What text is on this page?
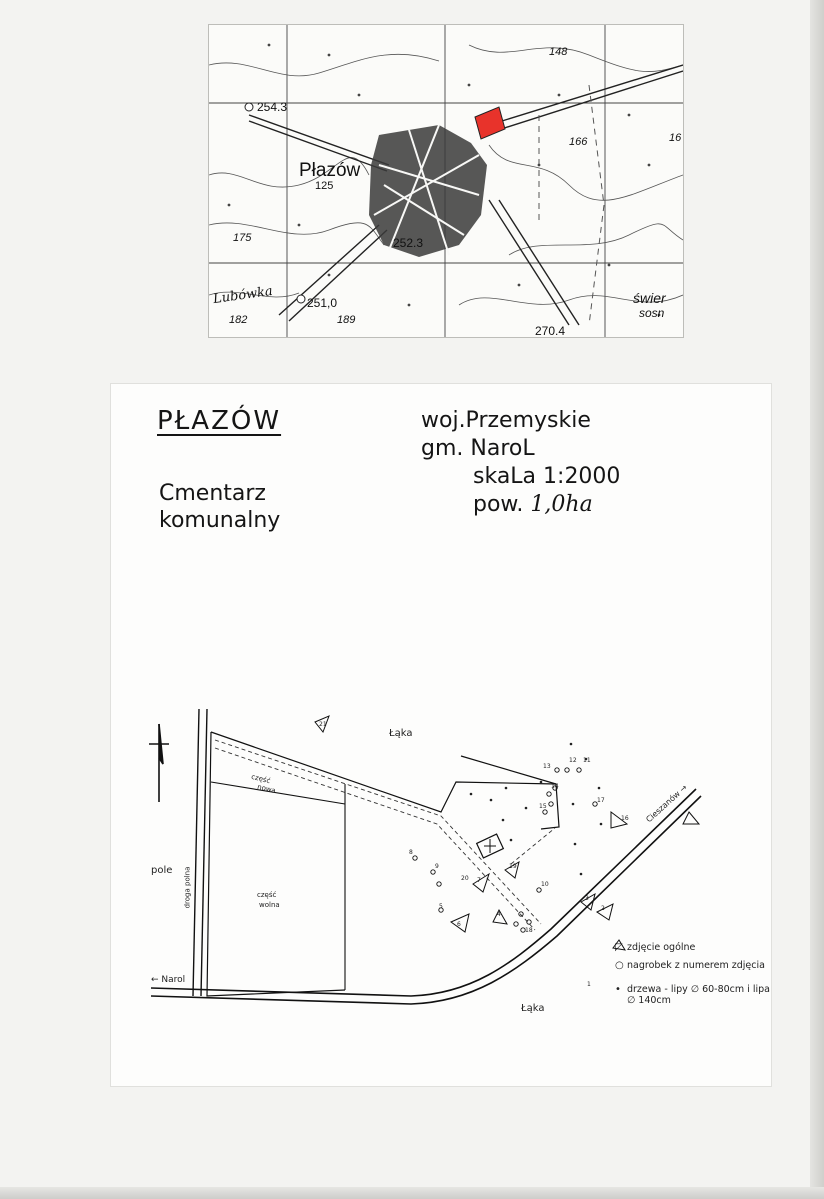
Płazów
254.3
125
148
166	16
175	252.3
251,0
182	189
270.4
Lubówka	świer
sosn
PŁAZÓW
Cmentarz
komunalny
woj.Przemyskie
gm. NaroL
skaLa 1:2000
pow. 1,0ha
Łąka
Łąka
pole
część
nowa
część
wolna
droga polna
← Narol
Cieszanów →
1
2
3
4
5
6
7
8
9
10
11
12
13
14
15
16
17
18
19
20
21
◸ zdjęcie ogólne
○ nagrobek z numerem zdjęcia
• drzewa - lipy ∅ 60-80cm i lipa ∅ 140cm
